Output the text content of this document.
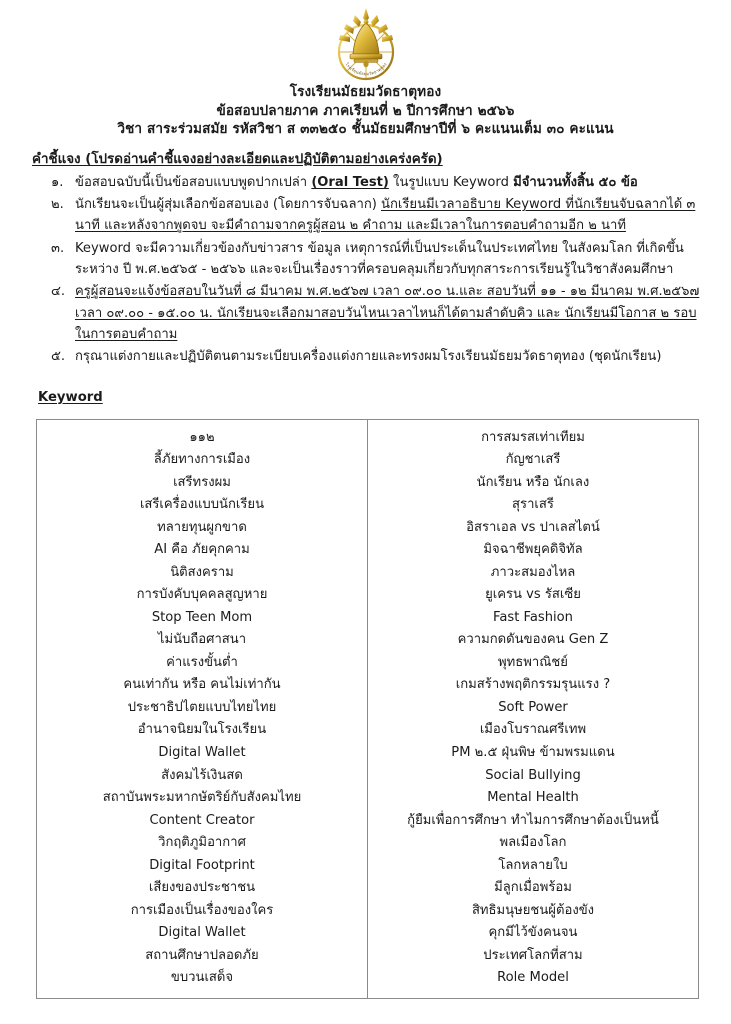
โรงเรียนมัธยมวัดธาตุทอง
โรงเรียนมัธยมวัดธาตุทอง
ข้อสอบปลายภาค ภาคเรียนที่ ๒ ปีการศึกษา ๒๕๖๖
วิชา สาระร่วมสมัย รหัสวิชา ส ๓๓๒๕๐ ชั้นมัธยมศึกษาปีที่ ๖ คะแนนเต็ม ๓๐ คะแนน
คำชี้แจง (โปรดอ่านคำชี้แจงอย่างละเอียดและปฏิบัติตามอย่างเคร่งครัด)
๑. ข้อสอบฉบับนี้เป็นข้อสอบแบบพูดปากเปล่า (Oral Test) ในรูปแบบ Keyword มีจำนวนทั้งสิ้น ๕๐ ข้อ
๒. นักเรียนจะเป็นผู้สุ่มเลือกข้อสอบเอง (โดยการจับฉลาก) นักเรียนมีเวลาอธิบาย Keyword ที่นักเรียนจับฉลากได้ ๓ นาที และหลังจากพูดจบ จะมีคำถามจากครูผู้สอน ๒ คำถาม และมีเวลาในการตอบคำถามอีก ๒ นาที
๓. Keyword จะมีความเกี่ยวข้องกับข่าวสาร ข้อมูล เหตุการณ์ที่เป็นประเด็นในประเทศไทย ในสังคมโลก ที่เกิดขึ้นระหว่าง ปี พ.ศ.๒๕๖๕ - ๒๕๖๖ และจะเป็นเรื่องราวที่ครอบคลุมเกี่ยวกับทุกสาระการเรียนรู้ในวิชาสังคมศึกษา
๔. ครูผู้สอนจะแจ้งข้อสอบในวันที่ ๘ มีนาคม พ.ศ.๒๕๖๗ เวลา ๐๙.๐๐ น.และ สอบวันที่ ๑๑ - ๑๒ มีนาคม พ.ศ.๒๕๖๗ เวลา ๐๙.๐๐ - ๑๕.๐๐ น. นักเรียนจะเลือกมาสอบวันไหนเวลาไหนก็ได้ตามลำดับคิว และ นักเรียนมีโอกาส ๒ รอบ ในการตอบคำถาม
๕. กรุณาแต่งกายและปฏิบัติตนตามระเบียบเครื่องแต่งกายและทรงผมโรงเรียนมัธยมวัดธาตุทอง (ชุดนักเรียน)
Keyword
๑๑๒
ลี้ภัยทางการเมือง
เสรีทรงผม
เสรีเครื่องแบบนักเรียน
ทลายทุนผูกขาด
AI คือ ภัยคุกคาม
นิติสงคราม
การบังคับบุคคลสูญหาย
Stop Teen Mom
ไม่นับถือศาสนา
ค่าแรงขั้นต่ำ
คนเท่ากัน หรือ คนไม่เท่ากัน
ประชาธิปไตยแบบไทยไทย
อำนาจนิยมในโรงเรียน
Digital Wallet
สังคมไร้เงินสด
สถาบันพระมหากษัตริย์กับสังคมไทย
Content Creator
วิกฤติภูมิอากาศ
Digital Footprint
เสียงของประชาชน
การเมืองเป็นเรื่องของใคร
Digital Wallet
สถานศึกษาปลอดภัย
ขบวนเสด็จ

การสมรสเท่าเทียม
กัญชาเสรี
นักเรียน หรือ นักเลง
สุราเสรี
อิสราเอล vs ปาเลสไตน์
มิจฉาชีพยุคดิจิทัล
ภาวะสมองไหล
ยูเครน vs รัสเซีย
Fast Fashion
ความกดดันของคน Gen Z
พุทธพาณิชย์
เกมสร้างพฤติกรรมรุนแรง ?
Soft Power
เมืองโบราณศรีเทพ
PM ๒.๕ ฝุ่นพิษ ข้ามพรมแดน
Social Bullying
Mental Health
กู้ยืมเพื่อการศึกษา ทำไมการศึกษาต้องเป็นหนี้
พลเมืองโลก
โลกหลายใบ
มีลูกเมื่อพร้อม
สิทธิมนุษยชนผู้ต้องขัง
คุกมีไว้ขังคนจน
ประเทศโลกที่สาม
Role Model
